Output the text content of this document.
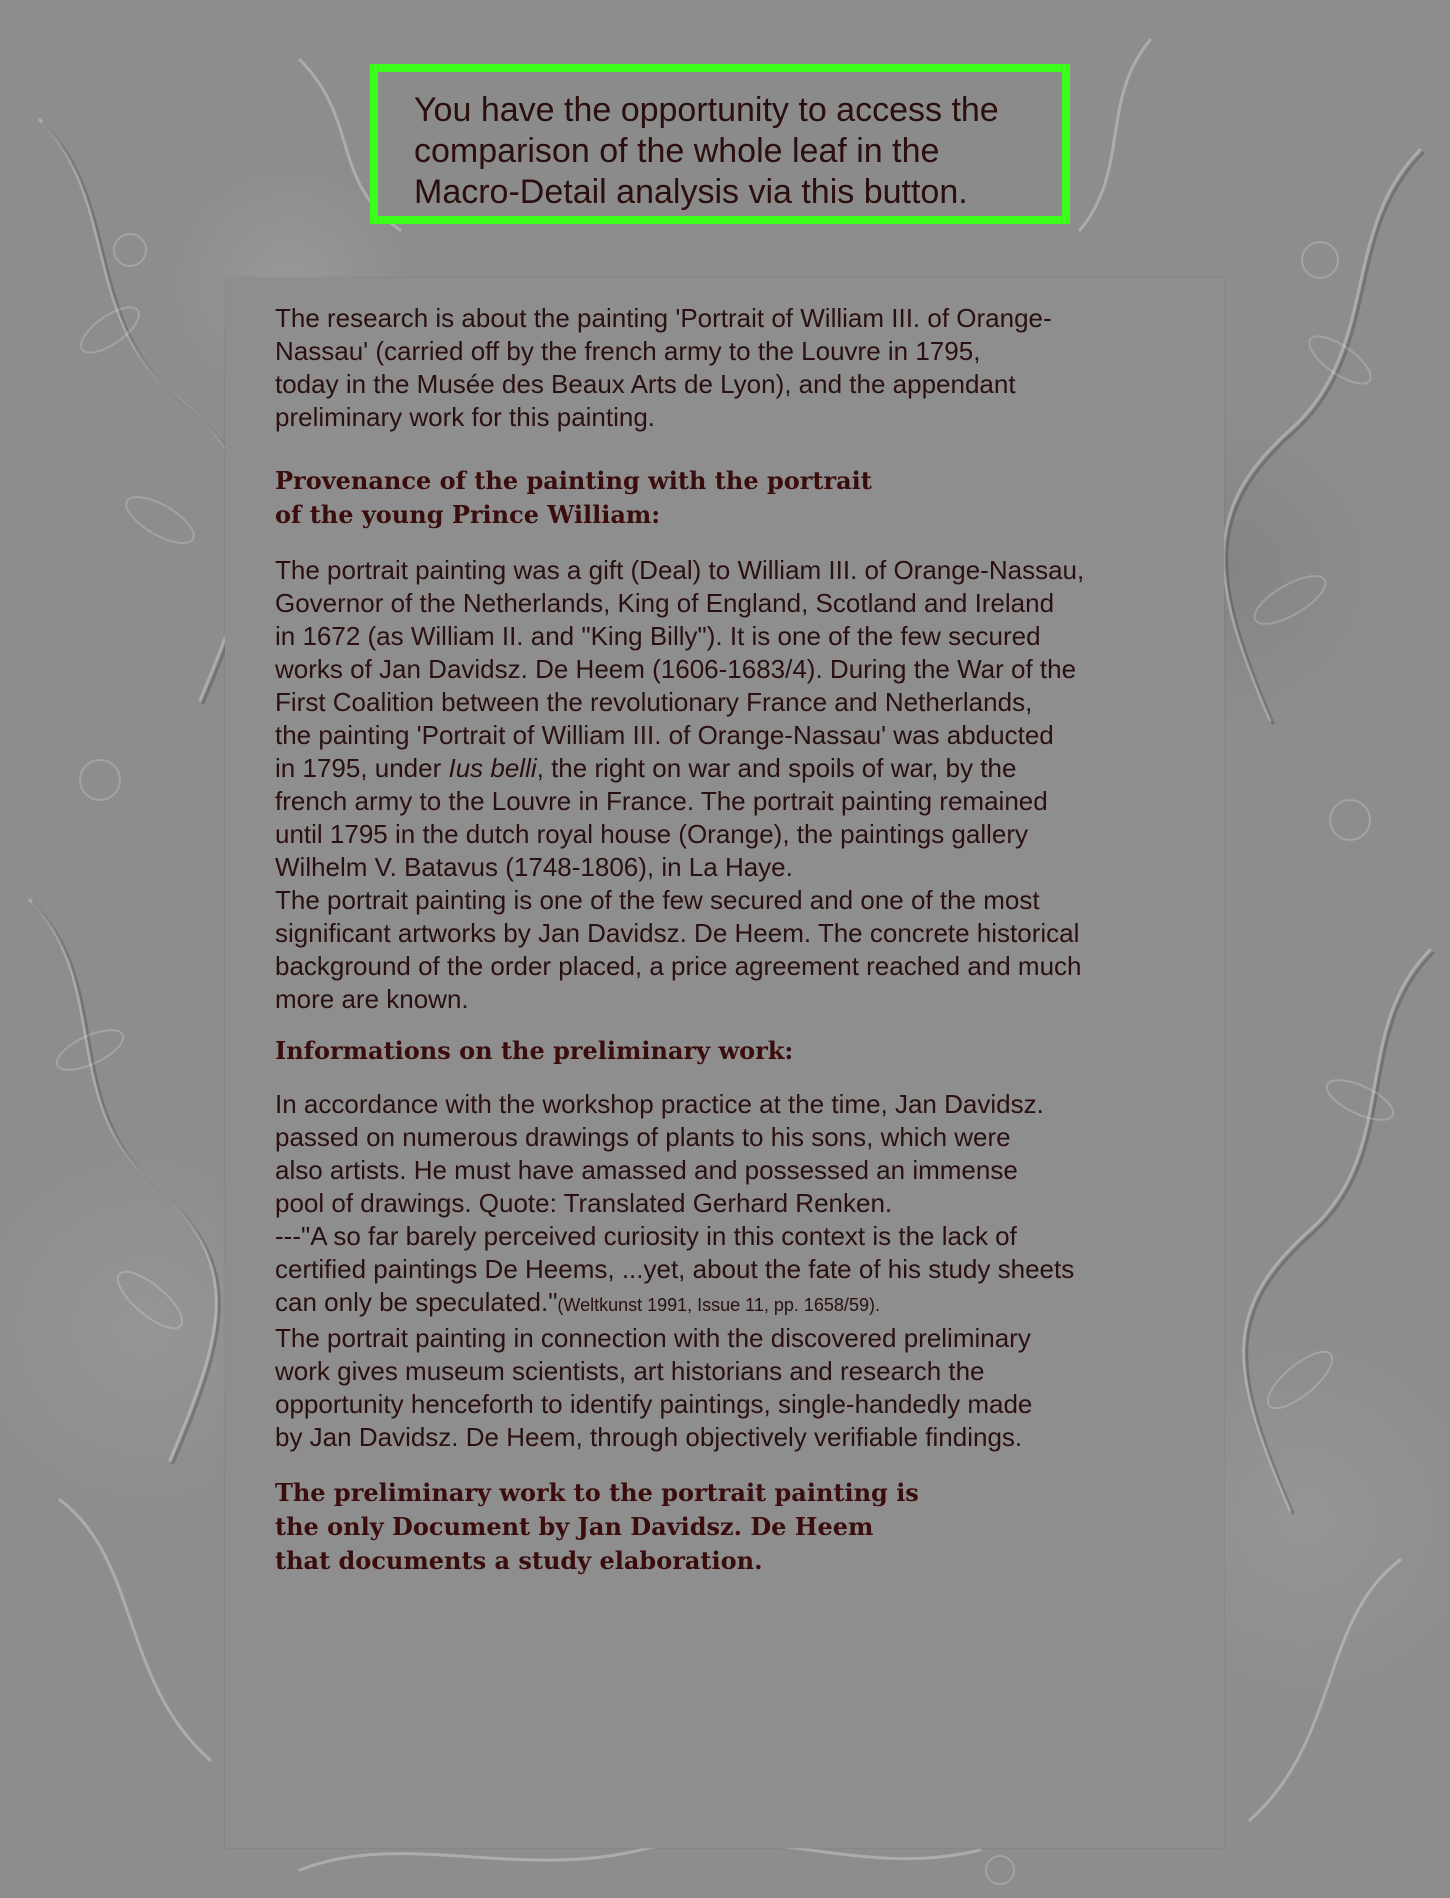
You have the opportunity to access the
comparison of the whole leaf in the
Macro-Detail analysis via this button.

The research is about the painting 'Portrait of William III. of Orange-
Nassau' (carried off by the french army to the Louvre in 1795,
today in the Musée des Beaux Arts de Lyon), and the appendant
preliminary work for this painting.

Provenance of the painting with the portrait
of the young Prince William:

The portrait painting was a gift (Deal) to William III. of Orange-Nassau,
Governor of the Netherlands, King of England, Scotland and Ireland
in 1672 (as William II. and "King Billy"). It is one of the few secured
works of Jan Davidsz. De Heem (1606-1683/4). During the War of the
First Coalition between the revolutionary France and Netherlands,
the painting 'Portrait of William III. of Orange-Nassau' was abducted
in 1795, under Ius belli, the right on war and spoils of war, by the
french army to the Louvre in France. The portrait painting remained
until 1795 in the dutch royal house (Orange), the paintings gallery
Wilhelm V. Batavus (1748-1806), in La Haye.
The portrait painting is one of the few secured and one of the most
significant artworks by Jan Davidsz. De Heem. The concrete historical
background of the order placed, a price agreement reached and much
more are known.

Informations on the preliminary work:

In accordance with the workshop practice at the time, Jan Davidsz.
passed on numerous drawings of plants to his sons, which were
also artists. He must have amassed and possessed an immense
pool of drawings. Quote: Translated Gerhard Renken.
---"A so far barely perceived curiosity in this context is the lack of
certified paintings De Heems, ...yet, about the fate of his study sheets
can only be speculated."(Weltkunst 1991, Issue 11, pp. 1658/59).

The portrait painting in connection with the discovered preliminary
work gives museum scientists, art historians and research the
opportunity henceforth to identify paintings, single-handedly made
by Jan Davidsz. De Heem, through objectively verifiable findings.

The preliminary work to the portrait painting is
the only Document by Jan Davidsz. De Heem
that documents a study elaboration.
